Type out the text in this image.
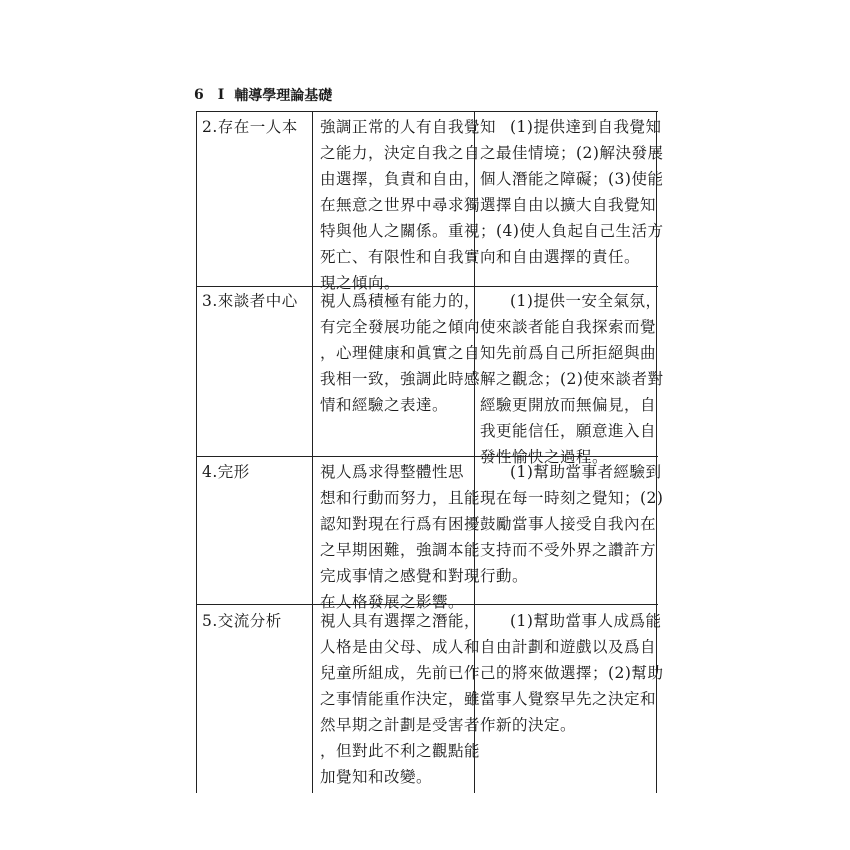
6 I 輔導學理論基礎
2.存在一人本 強調正常的人有自我覺知
之能力，決定自我之自
由選擇，負責和自由，
在無意之世界中尋求獨
特與他人之關係。重視
死亡、有限性和自我實
現之傾向。
(1)提供達到自我覺知
之最佳情境；(2)解決發展
個人潛能之障礙；(3)使能
選擇自由以擴大自我覺知
；(4)使人負起自己生活方
向和自由選擇的責任。
3.來談者中心 視人爲積極有能力的，
有完全發展功能之傾向
，心理健康和眞實之自
我相一致，強調此時感
情和經驗之表達。
(1)提供一安全氣氛，
使來談者能自我探索而覺
知先前爲自己所拒絕與曲
解之觀念；(2)使來談者對
經驗更開放而無偏見，自
我更能信任，願意進入自
發性愉快之過程。
4.完形	視人爲求得整體性思
想和行動而努力，且能
認知對現在行爲有困擾
之早期困難，強調本能
完成事情之感覺和對現
在人格發展之影響。
(1)幫助當事者經驗到
現在每一時刻之覺知；(2)
鼓勵當事人接受自我內在
支持而不受外界之讚許方
行動。
5.交流分析 視人具有選擇之潛能，
人格是由父母、成人和
兒童所組成，先前已作
之事情能重作決定，雖
然早期之計劃是受害者
，但對此不利之觀點能
加覺知和改變。
(1)幫助當事人成爲能
自由計劃和遊戲以及爲自
己的將來做選擇；(2)幫助
當事人覺察早先之決定和
作新的決定。
